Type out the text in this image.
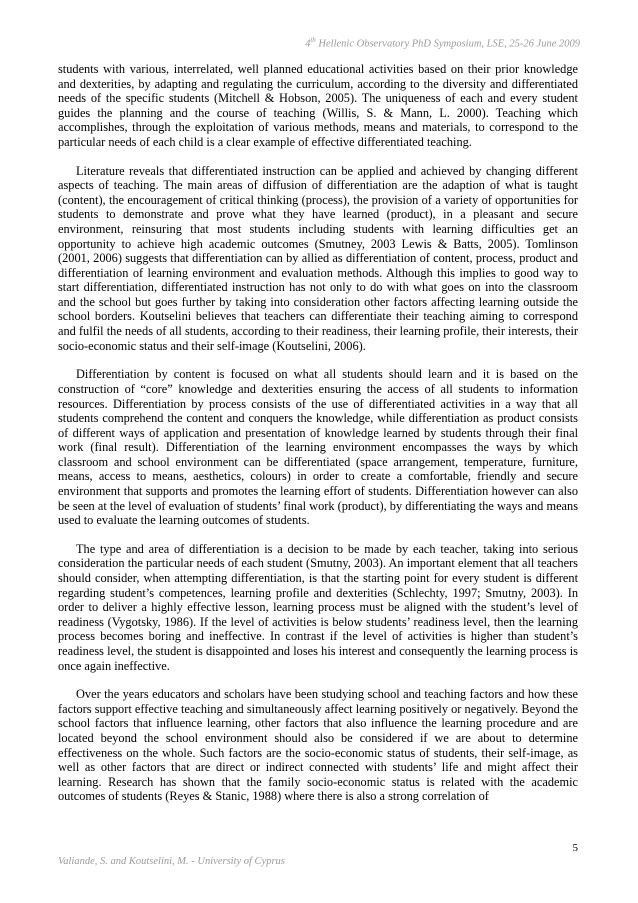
4th Hellenic Observatory PhD Symposium, LSE, 25-26 June 2009

students with various, interrelated, well planned educational activities based on their prior knowledge and dexterities, by adapting and regulating the curriculum, according to the diversity and differentiated needs of the specific students (Mitchell & Hobson, 2005). The uniqueness of each and every student guides the planning and the course of teaching (Willis, S. & Mann, L. 2000). Teaching which accomplishes, through the exploitation of various methods, means and materials, to correspond to the particular needs of each child is a clear example of effective differentiated teaching.

Literature reveals that differentiated instruction can be applied and achieved by changing different aspects of teaching. The main areas of diffusion of differentiation are the adaption of what is taught (content), the encouragement of critical thinking (process), the provision of a variety of opportunities for students to demonstrate and prove what they have learned (product), in a pleasant and secure environment, reinsuring that most students including students with learning difficulties get an opportunity to achieve high academic outcomes (Smutney, 2003 Lewis & Batts, 2005). Tomlinson (2001, 2006) suggests that differentiation can by allied as differentiation of content, process, product and differentiation of learning environment and evaluation methods. Although this implies to good way to start differentiation, differentiated instruction has not only to do with what goes on into the classroom and the school but goes further by taking into consideration other factors affecting learning outside the school borders. Koutselini believes that teachers can differentiate their teaching aiming to correspond and fulfil the needs of all students, according to their readiness, their learning profile, their interests, their socio-economic status and their self-image (Koutselini, 2006).

Differentiation by content is focused on what all students should learn and it is based on the construction of “core” knowledge and dexterities ensuring the access of all students to information resources. Differentiation by process consists of the use of differentiated activities in a way that all students comprehend the content and conquers the knowledge, while differentiation as product consists of different ways of application and presentation of knowledge learned by students through their final work (final result). Differentiation of the learning environment encompasses the ways by which classroom and school environment can be differentiated (space arrangement, temperature, furniture, means, access to means, aesthetics, colours) in order to create a comfortable, friendly and secure environment that supports and promotes the learning effort of students. Differentiation however can also be seen at the level of evaluation of students’ final work (product), by differentiating the ways and means used to evaluate the learning outcomes of students.

The type and area of differentiation is a decision to be made by each teacher, taking into serious consideration the particular needs of each student (Smutny, 2003). An important element that all teachers should consider, when attempting differentiation, is that the starting point for every student is different regarding student’s competences, learning profile and dexterities (Schlechty, 1997; Smutny, 2003). In order to deliver a highly effective lesson, learning process must be aligned with the student’s level of readiness (Vygotsky, 1986). If the level of activities is below students’ readiness level, then the learning process becomes boring and ineffective. In contrast if the level of activities is higher than student’s readiness level, the student is disappointed and loses his interest and consequently the learning process is once again ineffective.

Over the years educators and scholars have been studying school and teaching factors and how these factors support effective teaching and simultaneously affect learning positively or negatively. Beyond the school factors that influence learning, other factors that also influence the learning procedure and are located beyond the school environment should also be considered if we are about to determine effectiveness on the whole. Such factors are the socio-economic status of students, their self-image, as well as other factors that are direct or indirect connected with students’ life and might affect their learning. Research has shown that the family socio-economic status is related with the academic outcomes of students (Reyes & Stanic, 1988) where there is also a strong correlation of

5
Valiande, S. and Koutselini, M. - University of Cyprus
